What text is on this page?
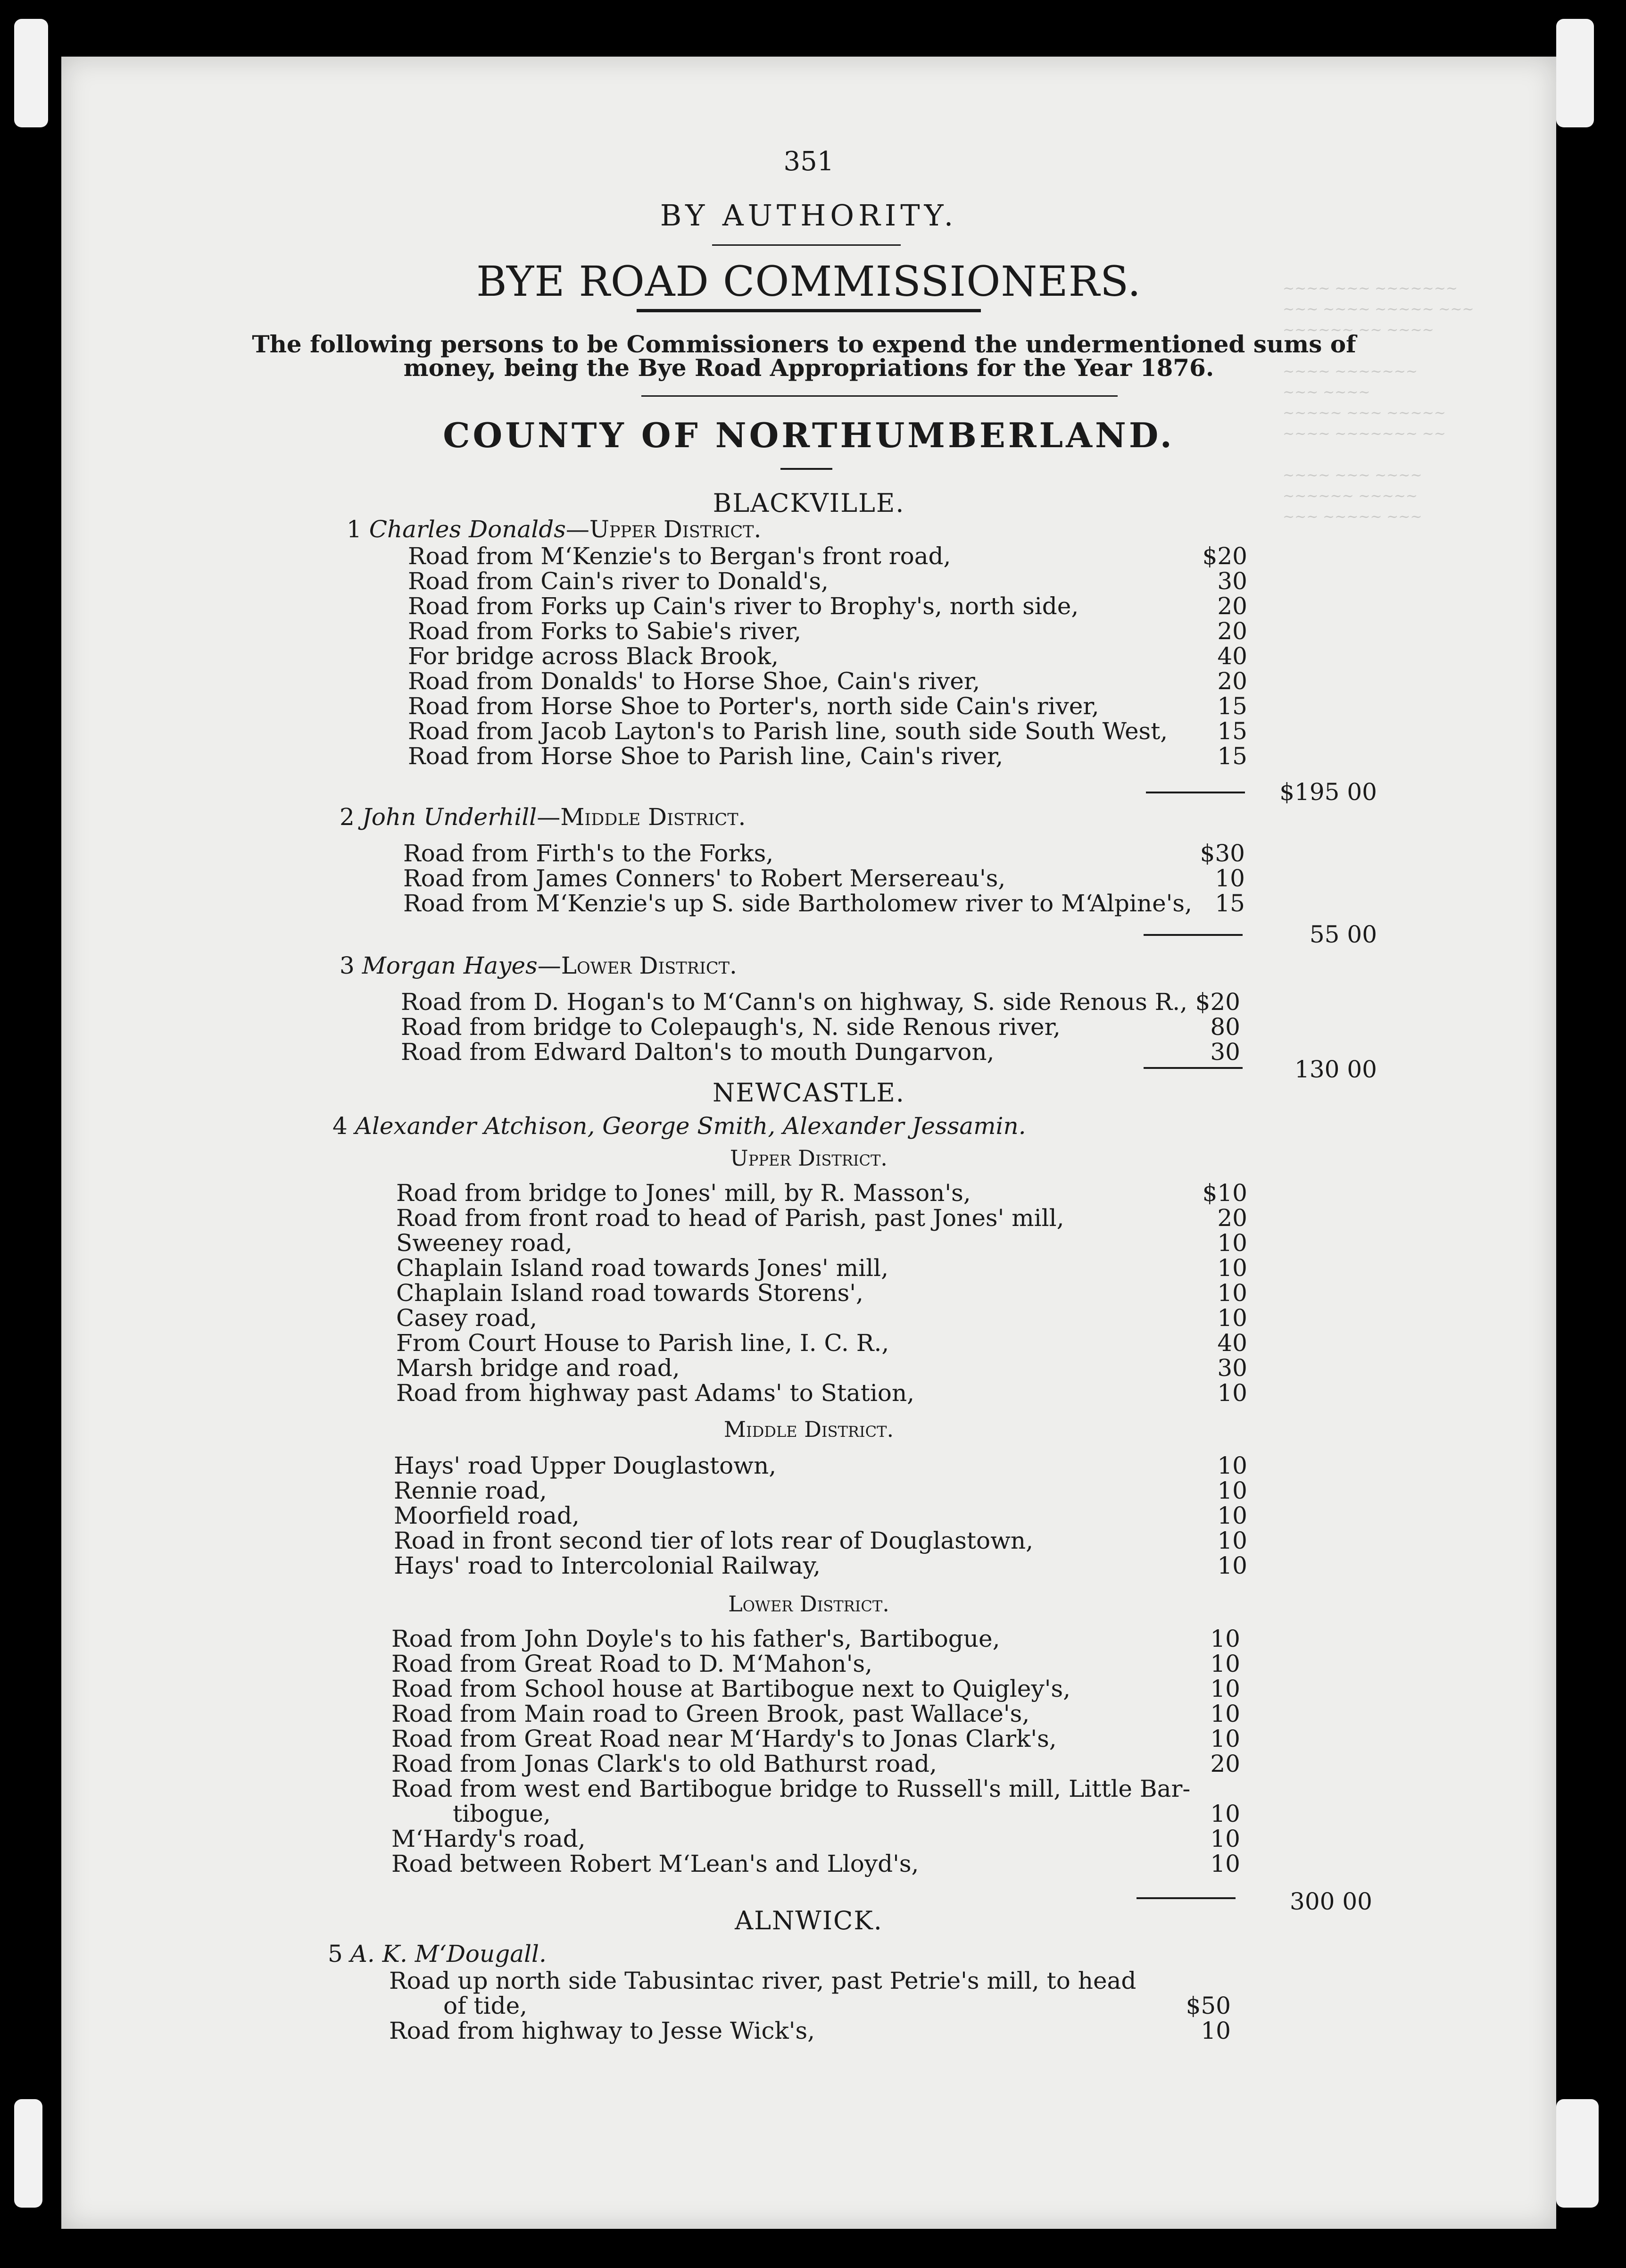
~~~~ ~~~ ~~~~~~~
~~~ ~~~~ ~~~~~ ~~~
~~~~~~ ~~ ~~~~

~~~~ ~~~~~~~
~~~ ~~~~
~~~~~ ~~~ ~~~~~
~~~~ ~~~~~~~ ~~

~~~~ ~~~ ~~~~
~~~~~~ ~~~~~
~~~ ~~~~~ ~~~
351
BY AUTHORITY.
BYE ROAD COMMISSIONERS.
The following persons to be Commissioners to expend the undermentioned sums of
money, being the Bye Road Appropriations for the Year 1876.
COUNTY OF NORTHUMBERLAND.
BLACKVILLE.
1 Charles Donalds—Upper District.
Road from M‘Kenzie's to Bergan's front road,	$20
Road from Cain's river to Donald's,	30
Road from Forks up Cain's river to Brophy's, north side,	20
Road from Forks to Sabie's river,	20
For bridge across Black Brook,	40
Road from Donalds' to Horse Shoe, Cain's river,	20
Road from Horse Shoe to Porter's, north side Cain's river,	15
Road from Jacob Layton's to Parish line, south side South West,	15
Road from Horse Shoe to Parish line, Cain's river,	15
$195 00
2 John Underhill—Middle District.
Road from Firth's to the Forks,	$30
Road from James Conners' to Robert Mersereau's,	10
Road from M‘Kenzie's up S. side Bartholomew river to M‘Alpine's, 15
55 00
3 Morgan Hayes—Lower District.
Road from D. Hogan's to M‘Cann's on highway, S. side Renous R., $20
Road from bridge to Colepaugh's, N. side Renous river,	80
Road from Edward Dalton's to mouth Dungarvon,	30
130 00
NEWCASTLE.
4 Alexander Atchison, George Smith, Alexander Jessamin.
Upper District.
Road from bridge to Jones' mill, by R. Masson's,	$10
Road from front road to head of Parish, past Jones' mill,	20
Sweeney road,	10
Chaplain Island road towards Jones' mill,	10
Chaplain Island road towards Storens',	10
Casey road,	10
From Court House to Parish line, I. C. R.,	40
Marsh bridge and road,	30
Road from highway past Adams' to Station,	10
Middle District.
Hays' road Upper Douglastown,	10
Rennie road,	10
Moorfield road,	10
Road in front second tier of lots rear of Douglastown,	10
Hays' road to Intercolonial Railway,	10
Lower District.
Road from John Doyle's to his father's, Bartibogue,	10
Road from Great Road to D. M‘Mahon's,	10
Road from School house at Bartibogue next to Quigley's,	10
Road from Main road to Green Brook, past Wallace's,	10
Road from Great Road near M‘Hardy's to Jonas Clark's,	10
Road from Jonas Clark's to old Bathurst road,	20
Road from west end Bartibogue bridge to Russell's mill, Little Bar-
tibogue,	10
M‘Hardy's road,	10
Road between Robert M‘Lean's and Lloyd's,	10
300 00
ALNWICK.
5 A. K. M‘Dougall.
Road up north side Tabusintac river, past Petrie's mill, to head
of tide,	$50
Road from highway to Jesse Wick's,	10
